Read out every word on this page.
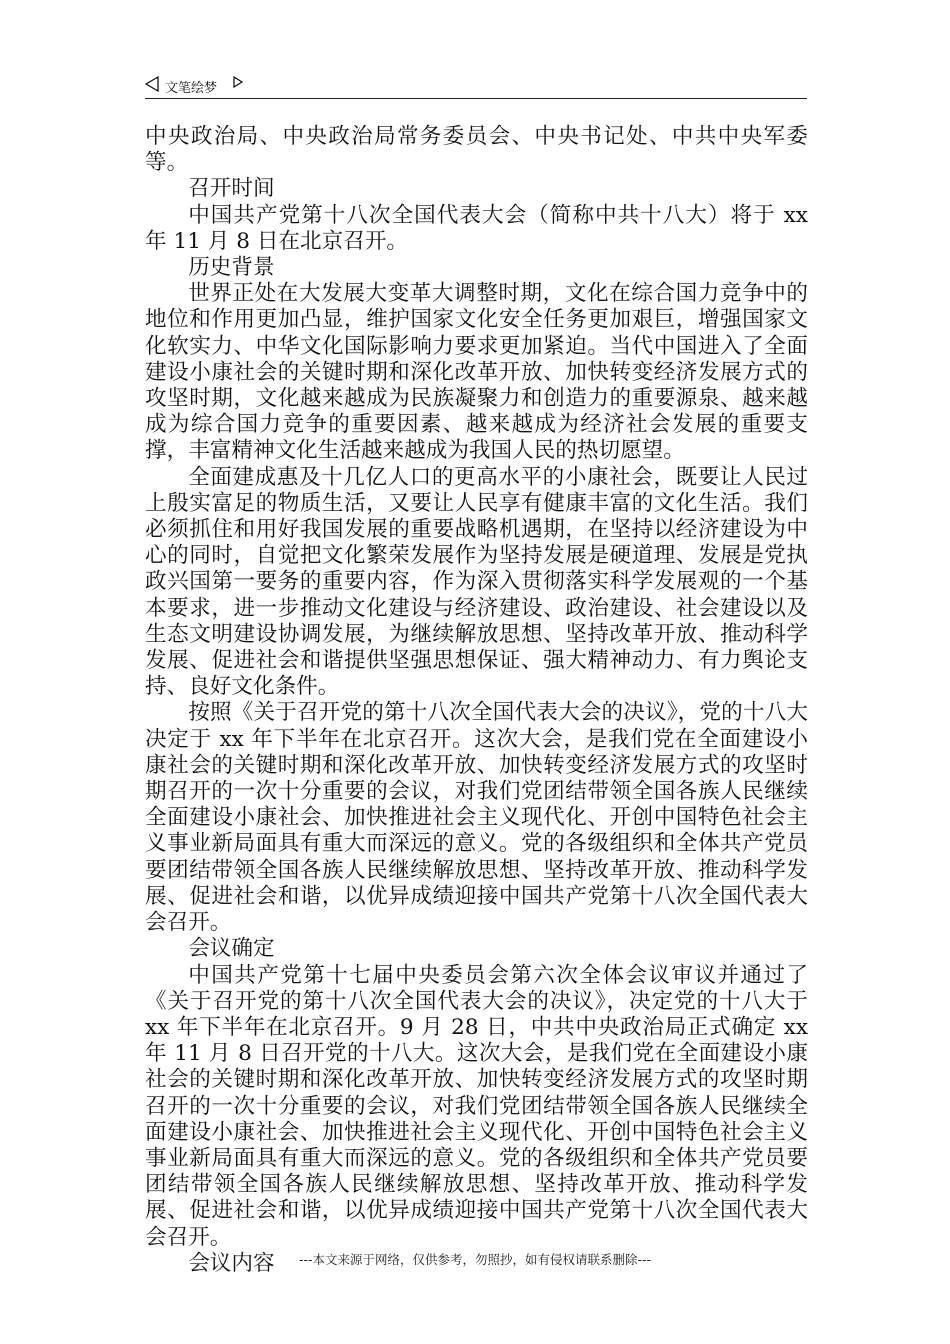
文笔绘梦

中央政治局、中央政治局常务委员会、中央书记处、中共中央军委等。

召开时间

中国共产党第十八次全国代表大会（简称中共十八大）将于 xx 年 11 月 8 日在北京召开。

历史背景

世界正处在大发展大变革大调整时期，文化在综合国力竞争中的地位和作用更加凸显，维护国家文化安全任务更加艰巨，增强国家文化软实力、中华文化国际影响力要求更加紧迫。当代中国进入了全面建设小康社会的关键时期和深化改革开放、加快转变经济发展方式的攻坚时期，文化越来越成为民族凝聚力和创造力的重要源泉、越来越成为综合国力竞争的重要因素、越来越成为经济社会发展的重要支撑，丰富精神文化生活越来越成为我国人民的热切愿望。

全面建成惠及十几亿人口的更高水平的小康社会，既要让人民过上殷实富足的物质生活，又要让人民享有健康丰富的文化生活。我们必须抓住和用好我国发展的重要战略机遇期，在坚持以经济建设为中心的同时，自觉把文化繁荣发展作为坚持发展是硬道理、发展是党执政兴国第一要务的重要内容，作为深入贯彻落实科学发展观的一个基本要求，进一步推动文化建设与经济建设、政治建设、社会建设以及生态文明建设协调发展，为继续解放思想、坚持改革开放、推动科学发展、促进社会和谐提供坚强思想保证、强大精神动力、有力舆论支持、良好文化条件。

按照《关于召开党的第十八次全国代表大会的决议》，党的十八大决定于 xx 年下半年在北京召开。这次大会，是我们党在全面建设小康社会的关键时期和深化改革开放、加快转变经济发展方式的攻坚时期召开的一次十分重要的会议，对我们党团结带领全国各族人民继续全面建设小康社会、加快推进社会主义现代化、开创中国特色社会主义事业新局面具有重大而深远的意义。党的各级组织和全体共产党员要团结带领全国各族人民继续解放思想、坚持改革开放、推动科学发展、促进社会和谐，以优异成绩迎接中国共产党第十八次全国代表大会召开。

会议确定

中国共产党第十七届中央委员会第六次全体会议审议并通过了《关于召开党的第十八次全国代表大会的决议》，决定党的十八大于 xx 年下半年在北京召开。9 月 28 日，中共中央政治局正式确定 xx 年 11 月 8 日召开党的十八大。这次大会，是我们党在全面建设小康社会的关键时期和深化改革开放、加快转变经济发展方式的攻坚时期召开的一次十分重要的会议，对我们党团结带领全国各族人民继续全面建设小康社会、加快推进社会主义现代化、开创中国特色社会主义事业新局面具有重大而深远的意义。党的各级组织和全体共产党员要团结带领全国各族人民继续解放思想、坚持改革开放、推动科学发展、促进社会和谐，以优异成绩迎接中国共产党第十八次全国代表大会召开。

会议内容	---本文来源于网络，仅供参考，勿照抄，如有侵权请联系删除---
